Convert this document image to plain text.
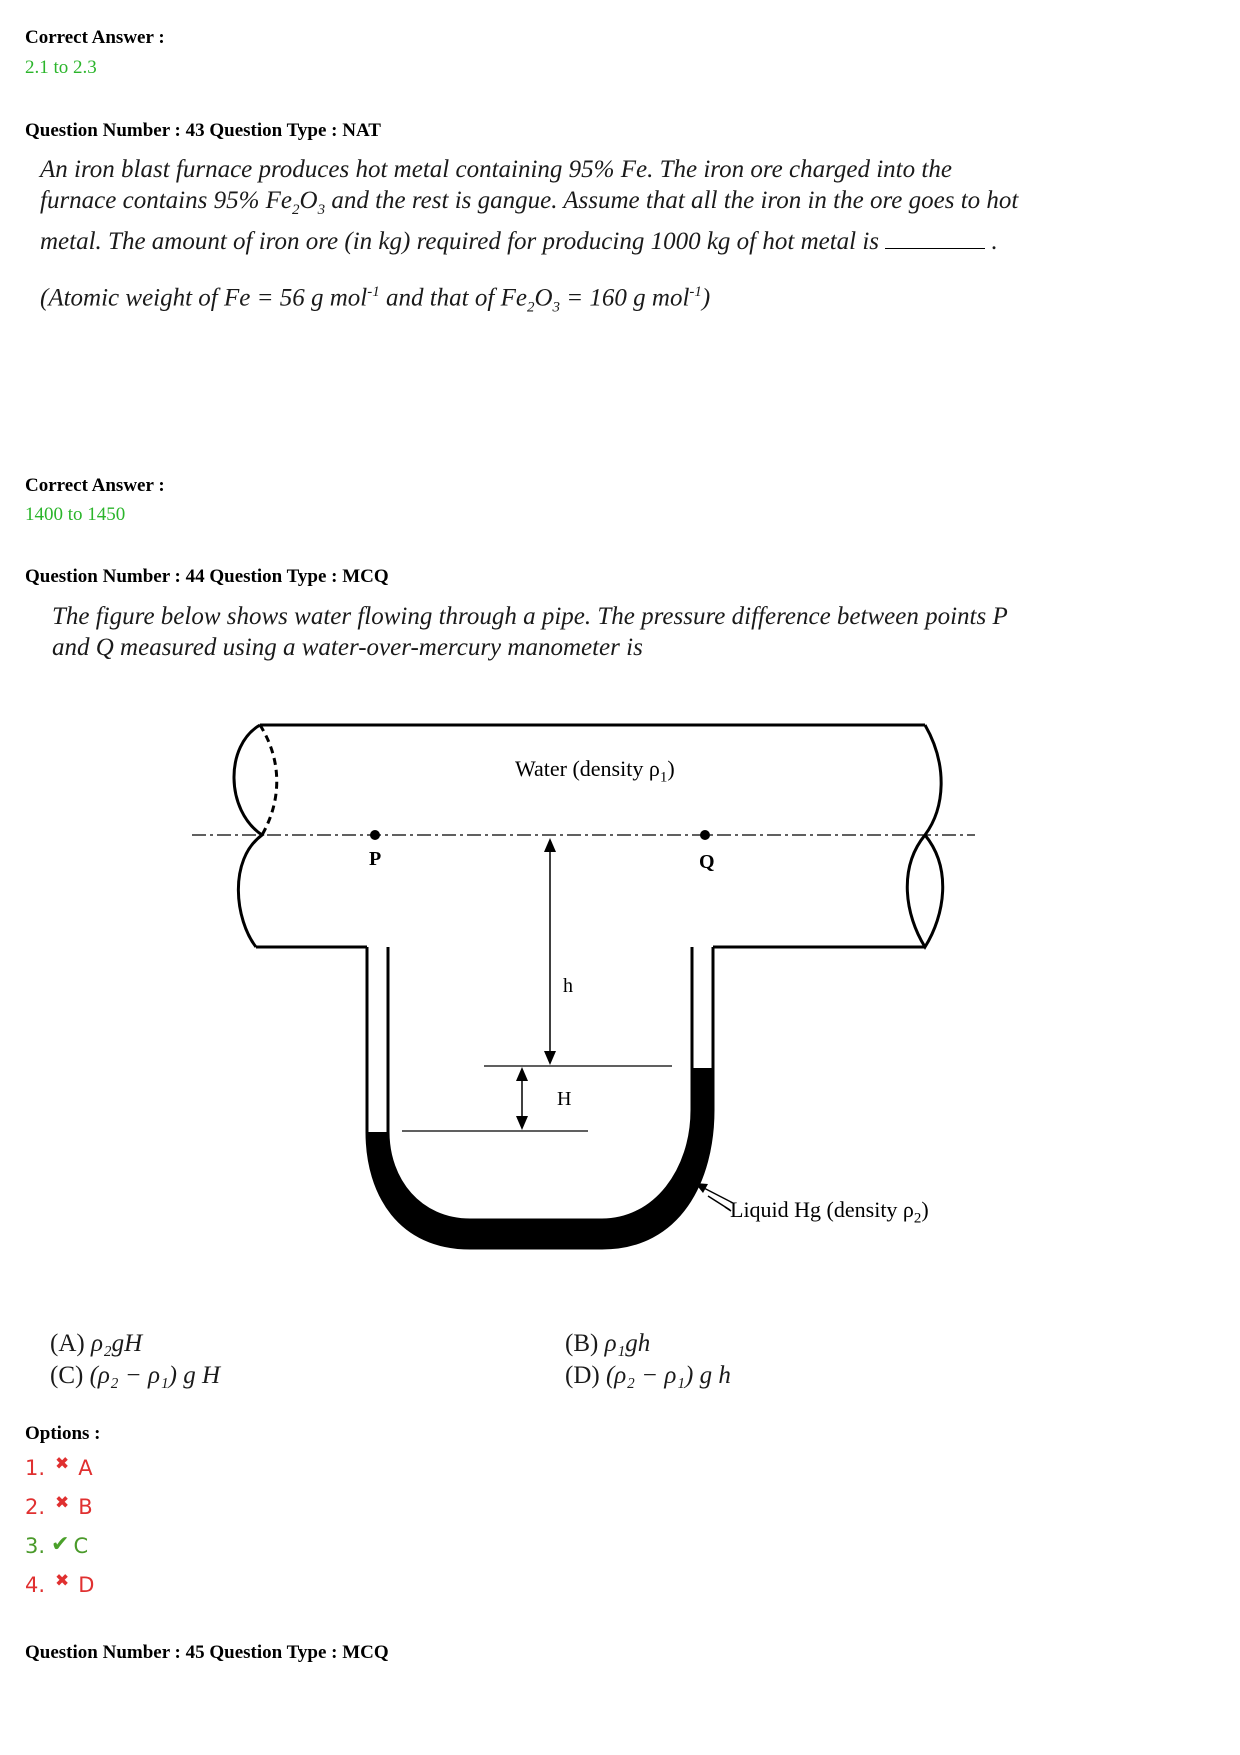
Correct Answer :
2.1 to 2.3
Question Number : 43 Question Type : NAT
An iron blast furnace produces hot metal containing 95% Fe. The iron ore charged into the
furnace contains 95% $Fe_2O_3$ and the rest is gangue. Assume that all the iron in the ore goes to hot
metal. The amount of iron ore (in kg) required for producing 1000 kg of hot metal is	.
(Atomic weight of Fe = 56 g mol$^{-1}$ and that of $Fe_2O_3 = 160$ g mol$^{-1}$)
Correct Answer :
1400 to 1450
Question Number : 44 Question Type : MCQ
The figure below shows water flowing through a pipe. The pressure difference between points P
and Q measured using a water-over-mercury manometer is
Water (density $\rho_1$)
P	Q
h
H
Liquid Hg (density $\rho_2$)
(A) ρ₂gH
(C) (ρ₂ − ρ₁) g H
(B) ρ₁gh
(D) (ρ₂ − ρ₁) g h
Options :
1. ✖ A
2. ✖ B
3. ✔ C
4. ✖ D
Question Number : 45 Question Type : MCQ
